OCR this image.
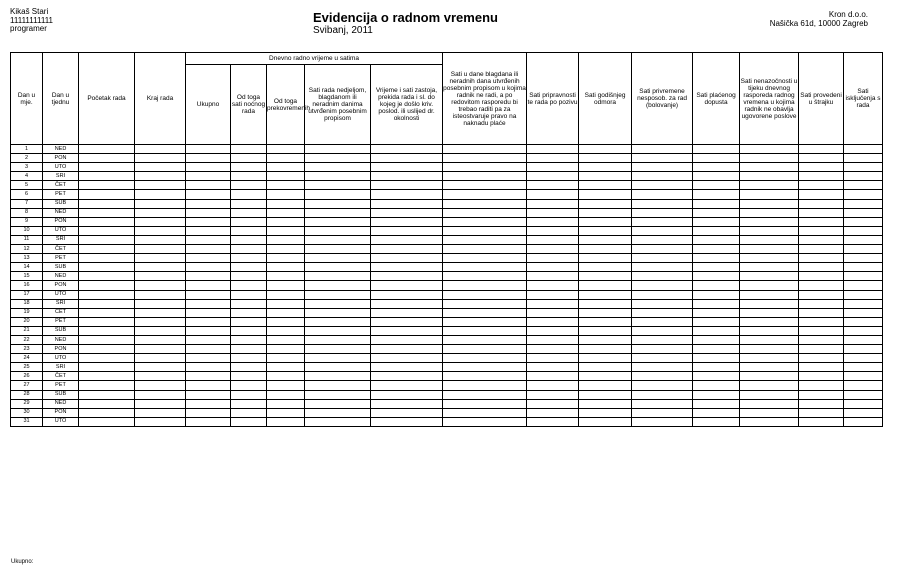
Kikaš Stari
11111111111
programer
Evidencija o radnom vremenu
Svibanj, 2011
Kron d.o.o.
Našička 61d, 10000 Zagreb
Dan u mje.	Dan u tjednu	Početak rada	Kraj rada	Dnevno radno vrijeme u satima					Sati u dane blagdana ili neradnih dana utvrđenih posebnim propisom u kojima radnik ne radi, a po redovitom rasporedu bi trebao raditi pa za isteostvaruje pravo na naknadu plaće	Sati pripravnosti te rada po pozivu	Sati godišnjeg odmora	Sati privremene nesposob. za rad (bolovanje)	Sati plaćenog dopusta	Sati nenazočnosti u tijeku dnevnog rasporeda radnog vremena u kojima radnik ne obavlja ugovorene poslove	Sati provedeni u štrajku	Sati isključenja s rada
				Ukupno	Od toga sati noćnog rada	Od toga prekovremenih	Sati rada nedjeljom, blagdanom ili neradnim danima utvrđenim posebnim propisom	Vrijeme i sati zastoja, prekida rada i sl. do kojeg je došlo kriv. poslod. ili uslijed dr. okolnosti								
1	NED															
2	PON															
3	UTO															
4	SRI															
5	ČET															
6	PET															
7	SUB															
8	NED															
9	PON															
10	UTO															
11	SRI															
12	ČET															
13	PET															
14	SUB															
15	NED															
16	PON															
17	UTO															
18	SRI															
19	ČET															
20	PET															
21	SUB															
22	NED															
23	PON															
24	UTO															
25	SRI															
26	ČET															
27	PET															
28	SUB															
29	NED															
30	PON															
31	UTO															
Ukupno:
